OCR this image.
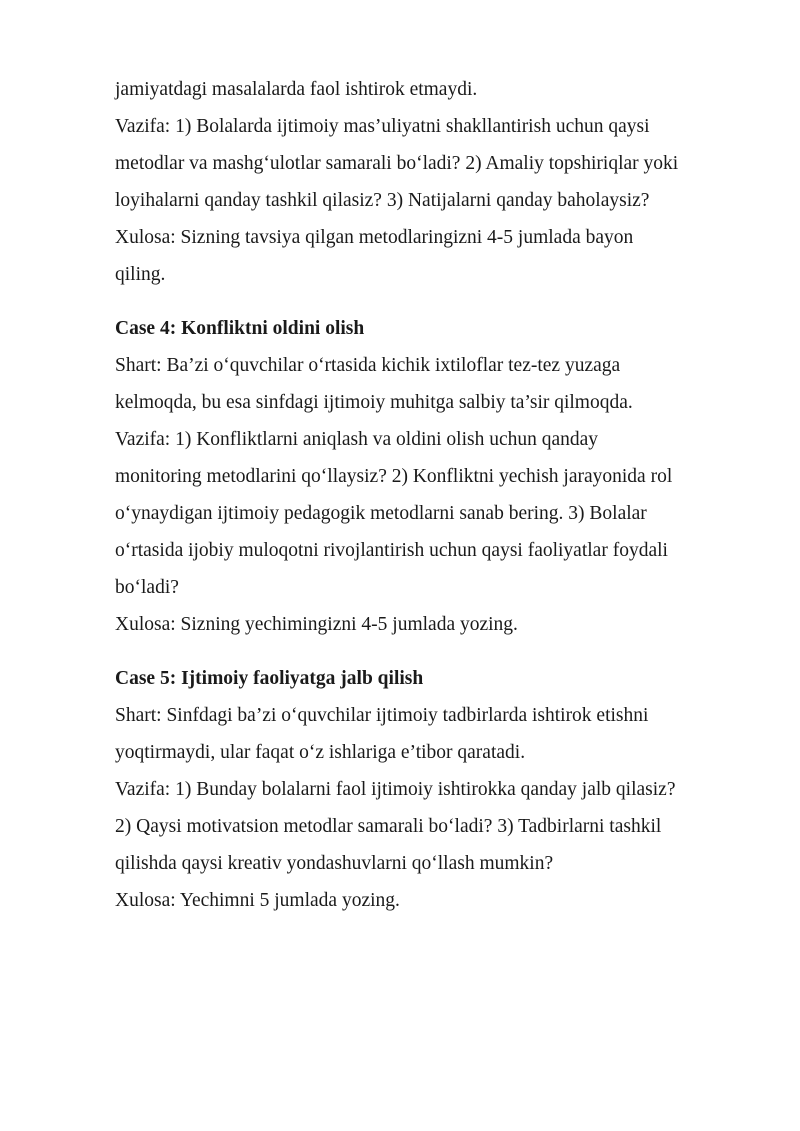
jamiyatdagi masalalarda faol ishtirok etmaydi.
Vazifa: 1) Bolalarda ijtimoiy mas’uliyatni shakllantirish uchun qaysi
metodlar va mashg‘ulotlar samarali bo‘ladi? 2) Amaliy topshiriqlar yoki
loyihalarni qanday tashkil qilasiz? 3) Natijalarni qanday baholaysiz?
Xulosa: Sizning tavsiya qilgan metodlaringizni 4-5 jumlada bayon
qiling.
Case 4: Konfliktni oldini olish
Shart: Ba’zi o‘quvchilar o‘rtasida kichik ixtiloflar tez-tez yuzaga
kelmoqda, bu esa sinfdagi ijtimoiy muhitga salbiy ta’sir qilmoqda.
Vazifa: 1) Konfliktlarni aniqlash va oldini olish uchun qanday
monitoring metodlarini qo‘llaysiz? 2) Konfliktni yechish jarayonida rol
o‘ynaydigan ijtimoiy pedagogik metodlarni sanab bering. 3) Bolalar
o‘rtasida ijobiy muloqotni rivojlantirish uchun qaysi faoliyatlar foydali
bo‘ladi?
Xulosa: Sizning yechimingizni 4-5 jumlada yozing.
Case 5: Ijtimoiy faoliyatga jalb qilish
Shart: Sinfdagi ba’zi o‘quvchilar ijtimoiy tadbirlarda ishtirok etishni
yoqtirmaydi, ular faqat o‘z ishlariga e’tibor qaratadi.
Vazifa: 1) Bunday bolalarni faol ijtimoiy ishtirokka qanday jalb qilasiz?
2) Qaysi motivatsion metodlar samarali bo‘ladi? 3) Tadbirlarni tashkil
qilishda qaysi kreativ yondashuvlarni qo‘llash mumkin?
Xulosa: Yechimni 5 jumlada yozing.
